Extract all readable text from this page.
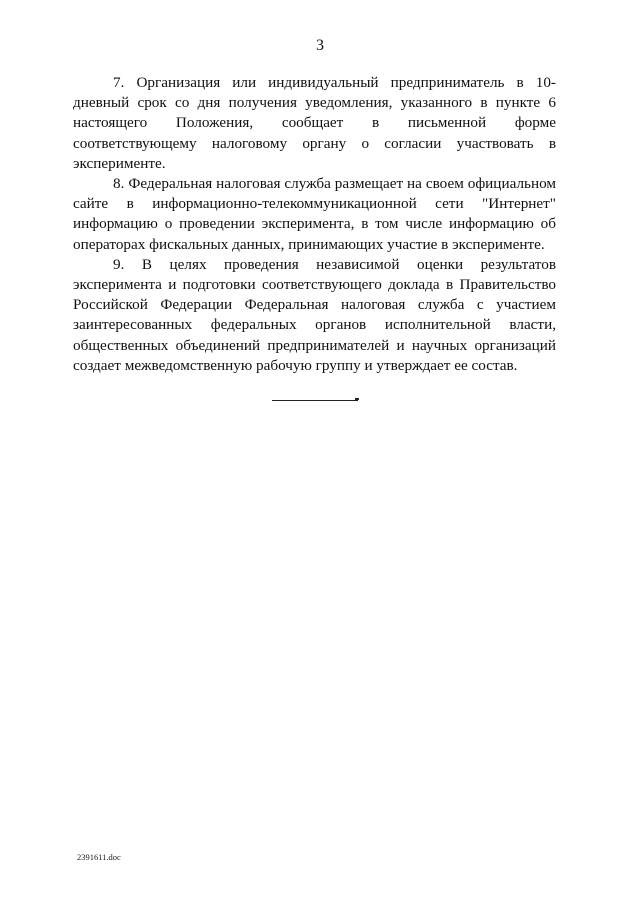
3

7. Организация или индивидуальный предприниматель в 10-дневный срок со дня получения уведомления, указанного в пункте 6 настоящего Положения, сообщает в письменной форме соответствующему налоговому органу о согласии участвовать в эксперименте.

8. Федеральная налоговая служба размещает на своем официальном сайте в информационно-телекоммуникационной сети "Интернет" информацию о проведении эксперимента, в том числе информацию об операторах фискальных данных, принимающих участие в эксперименте.

9. В целях проведения независимой оценки результатов эксперимента и подготовки соответствующего доклада в Правительство Российской Федерации Федеральная налоговая служба с участием заинтересованных федеральных органов исполнительной власти, общественных объединений предпринимателей и научных организаций создает межведомственную рабочую группу и утверждает ее состав.

2391611.doc
